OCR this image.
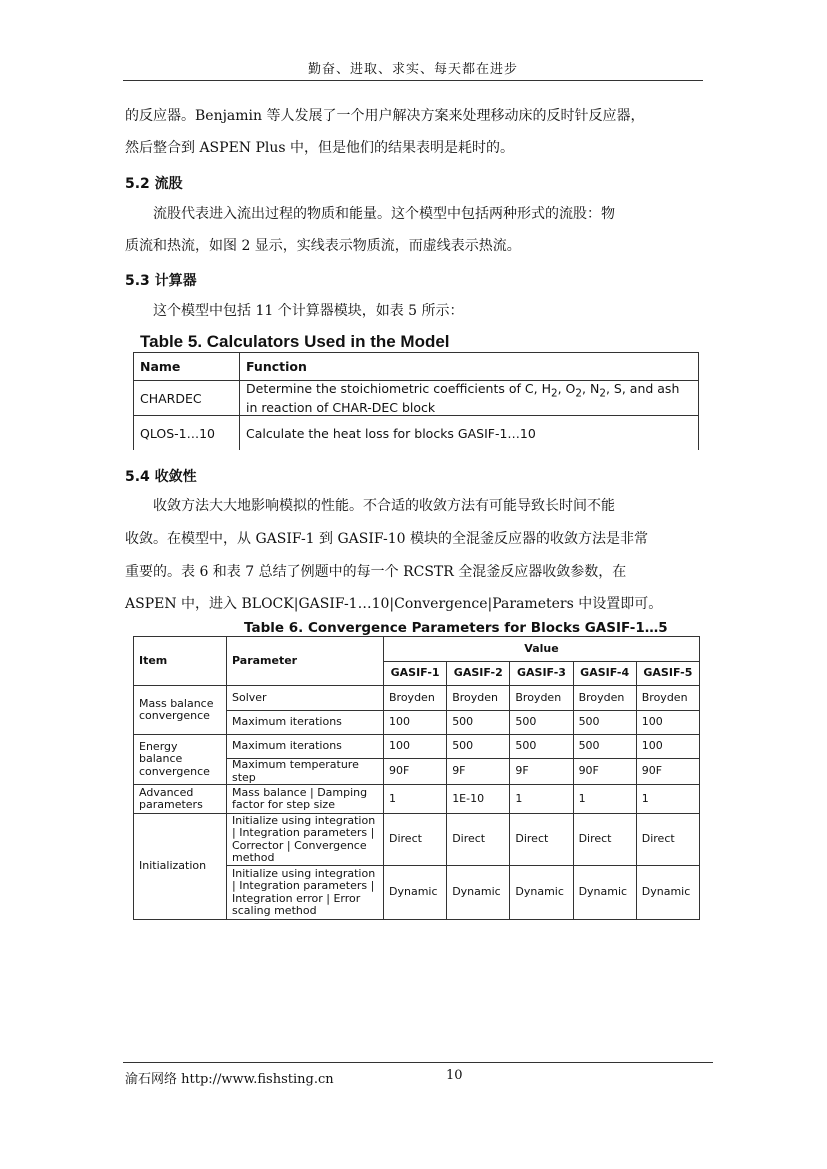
勤奋、进取、求实、每天都在进步
的反应器。Benjamin 等人发展了一个用户解决方案来处理移动床的反时针反应器，
然后整合到 ASPEN Plus 中，但是他们的结果表明是耗时的。
5.2 流股
流股代表进入流出过程的物质和能量。这个模型中包括两种形式的流股：物
质流和热流，如图 2 显示，实线表示物质流，而虚线表示热流。
5.3 计算器
这个模型中包括 11 个计算器模块，如表 5 所示：
Table 5. Calculators Used in the Model
Name	Function
CHARDEC	Determine the stoichiometric coefficients of C, $H_2$, $O_2$, $N_2$, S, and ash
in reaction of CHAR-DEC block
QLOS-1…10	Calculate the heat loss for blocks GASIF-1…10
5.4 收敛性
收敛方法大大地影响模拟的性能。不合适的收敛方法有可能导致长时间不能
收敛。在模型中，从 GASIF-1 到 GASIF-10 模块的全混釜反应器的收敛方法是非常
重要的。表 6 和表 7 总结了例题中的每一个 RCSTR 全混釜反应器收敛参数，在
ASPEN 中，进入 BLOCK|GASIF-1…10|Convergence|Parameters 中设置即可。
Table 6. Convergence Parameters for Blocks GASIF-1…5
Item	Parameter	Value				
		GASIF-1	GASIF-2	GASIF-3	GASIF-4	GASIF-5
Mass balance convergence	Solver	Broyden	Broyden	Broyden	Broyden	Broyden
	Maximum iterations	100	500	500	500	100
Energy balance convergence	Maximum iterations	100	500	500	500	100
	Maximum temperature step	90F	9F	9F	90F	90F
Advanced parameters	Mass balance | Damping factor for step size	1	1E-10	1	1	1
Initialization	Initialize using integration | Integration parameters | Corrector | Convergence method	Direct	Direct	Direct	Direct	Direct
	Initialize using integration | Integration parameters | Integration error | Error scaling method	Dynamic	Dynamic	Dynamic	Dynamic	Dynamic
渝石网络 http://www.fishsting.cn	10
